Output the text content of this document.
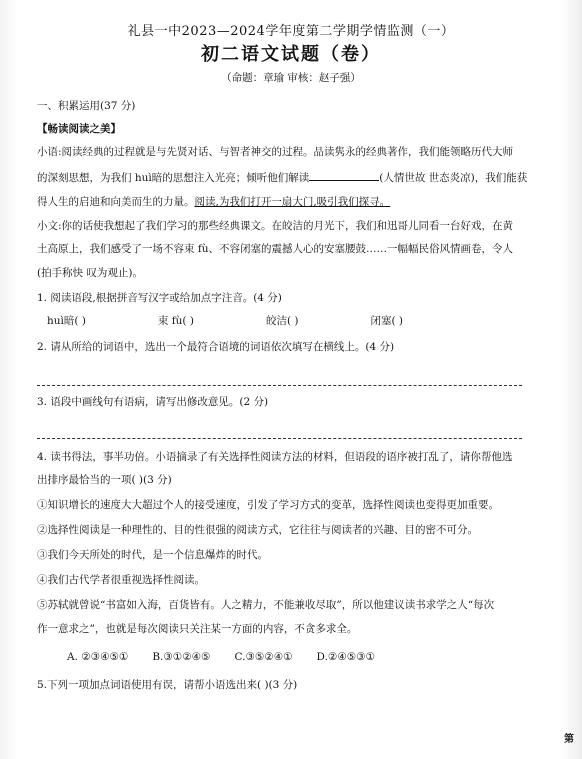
礼县一中2023—2024学年度第二学期学情监测（一）
初二语文试题（卷）
（命题：章瑜 审核：赵子强）
一、积累运用(37 分)
【畅读阅读之美】
小语:阅读经典的过程就是与先贤对话、与智者神交的过程。品读隽永的经典著作，我们能领略历代大师
的深刻思想，为我们 huì暗的思想注入光亮；倾听他们解读	(人情世故 世态炎凉)，我们能获
得人生的启迪和向美而生的力量。阅读,为我们打开一扇大门,吸引我们探寻。
小文:你的话使我想起了我们学习的那些经典课文。在皎洁的月光下，我们和迅哥儿同看一台好戏，在黄
土高原上，我们感受了一场不容束 fù、不容闭塞的震撼人心的安塞腰鼓……一幅幅民俗风情画卷，令人
(拍手称快 叹为观止)。
1. 阅读语段,根据拼音写汉字或给加点字注音。(4 分)
huì暗( )	束 fù( )	皎洁( )	闭塞( )
2. 请从所给的词语中，选出一个最符合语境的词语依次填写在横线上。(4 分)
3. 语段中画线句有语病，请写出修改意见。(2 分)
4. 读书得法，事半功倍。小语摘录了有关选择性阅读方法的材料，但语段的语序被打乱了，请你帮他选
出排序最恰当的一项( )(3 分)
①知识增长的速度大大超过个人的接受速度，引发了学习方式的变革，选择性阅读也变得更加重要。
②选择性阅读是一种理性的、目的性很强的阅读方式，它往往与阅读者的兴趣、目的密不可分。
③我们今天所处的时代，是一个信息爆炸的时代。
④我们古代学者很重视选择性阅读。
⑤苏轼就曾说“书富如入海，百货皆有。人之精力，不能兼收尽取”，所以他建议读书求学之人“每次
作一意求之”，也就是每次阅读只关注某一方面的内容，不贪多求全。
A. ②③④⑤① B.③①②④⑤ C.③⑤②④① D.②④⑤③①
5.下列一项加点词语使用有误，请帮小语选出来( )(3 分)
第
